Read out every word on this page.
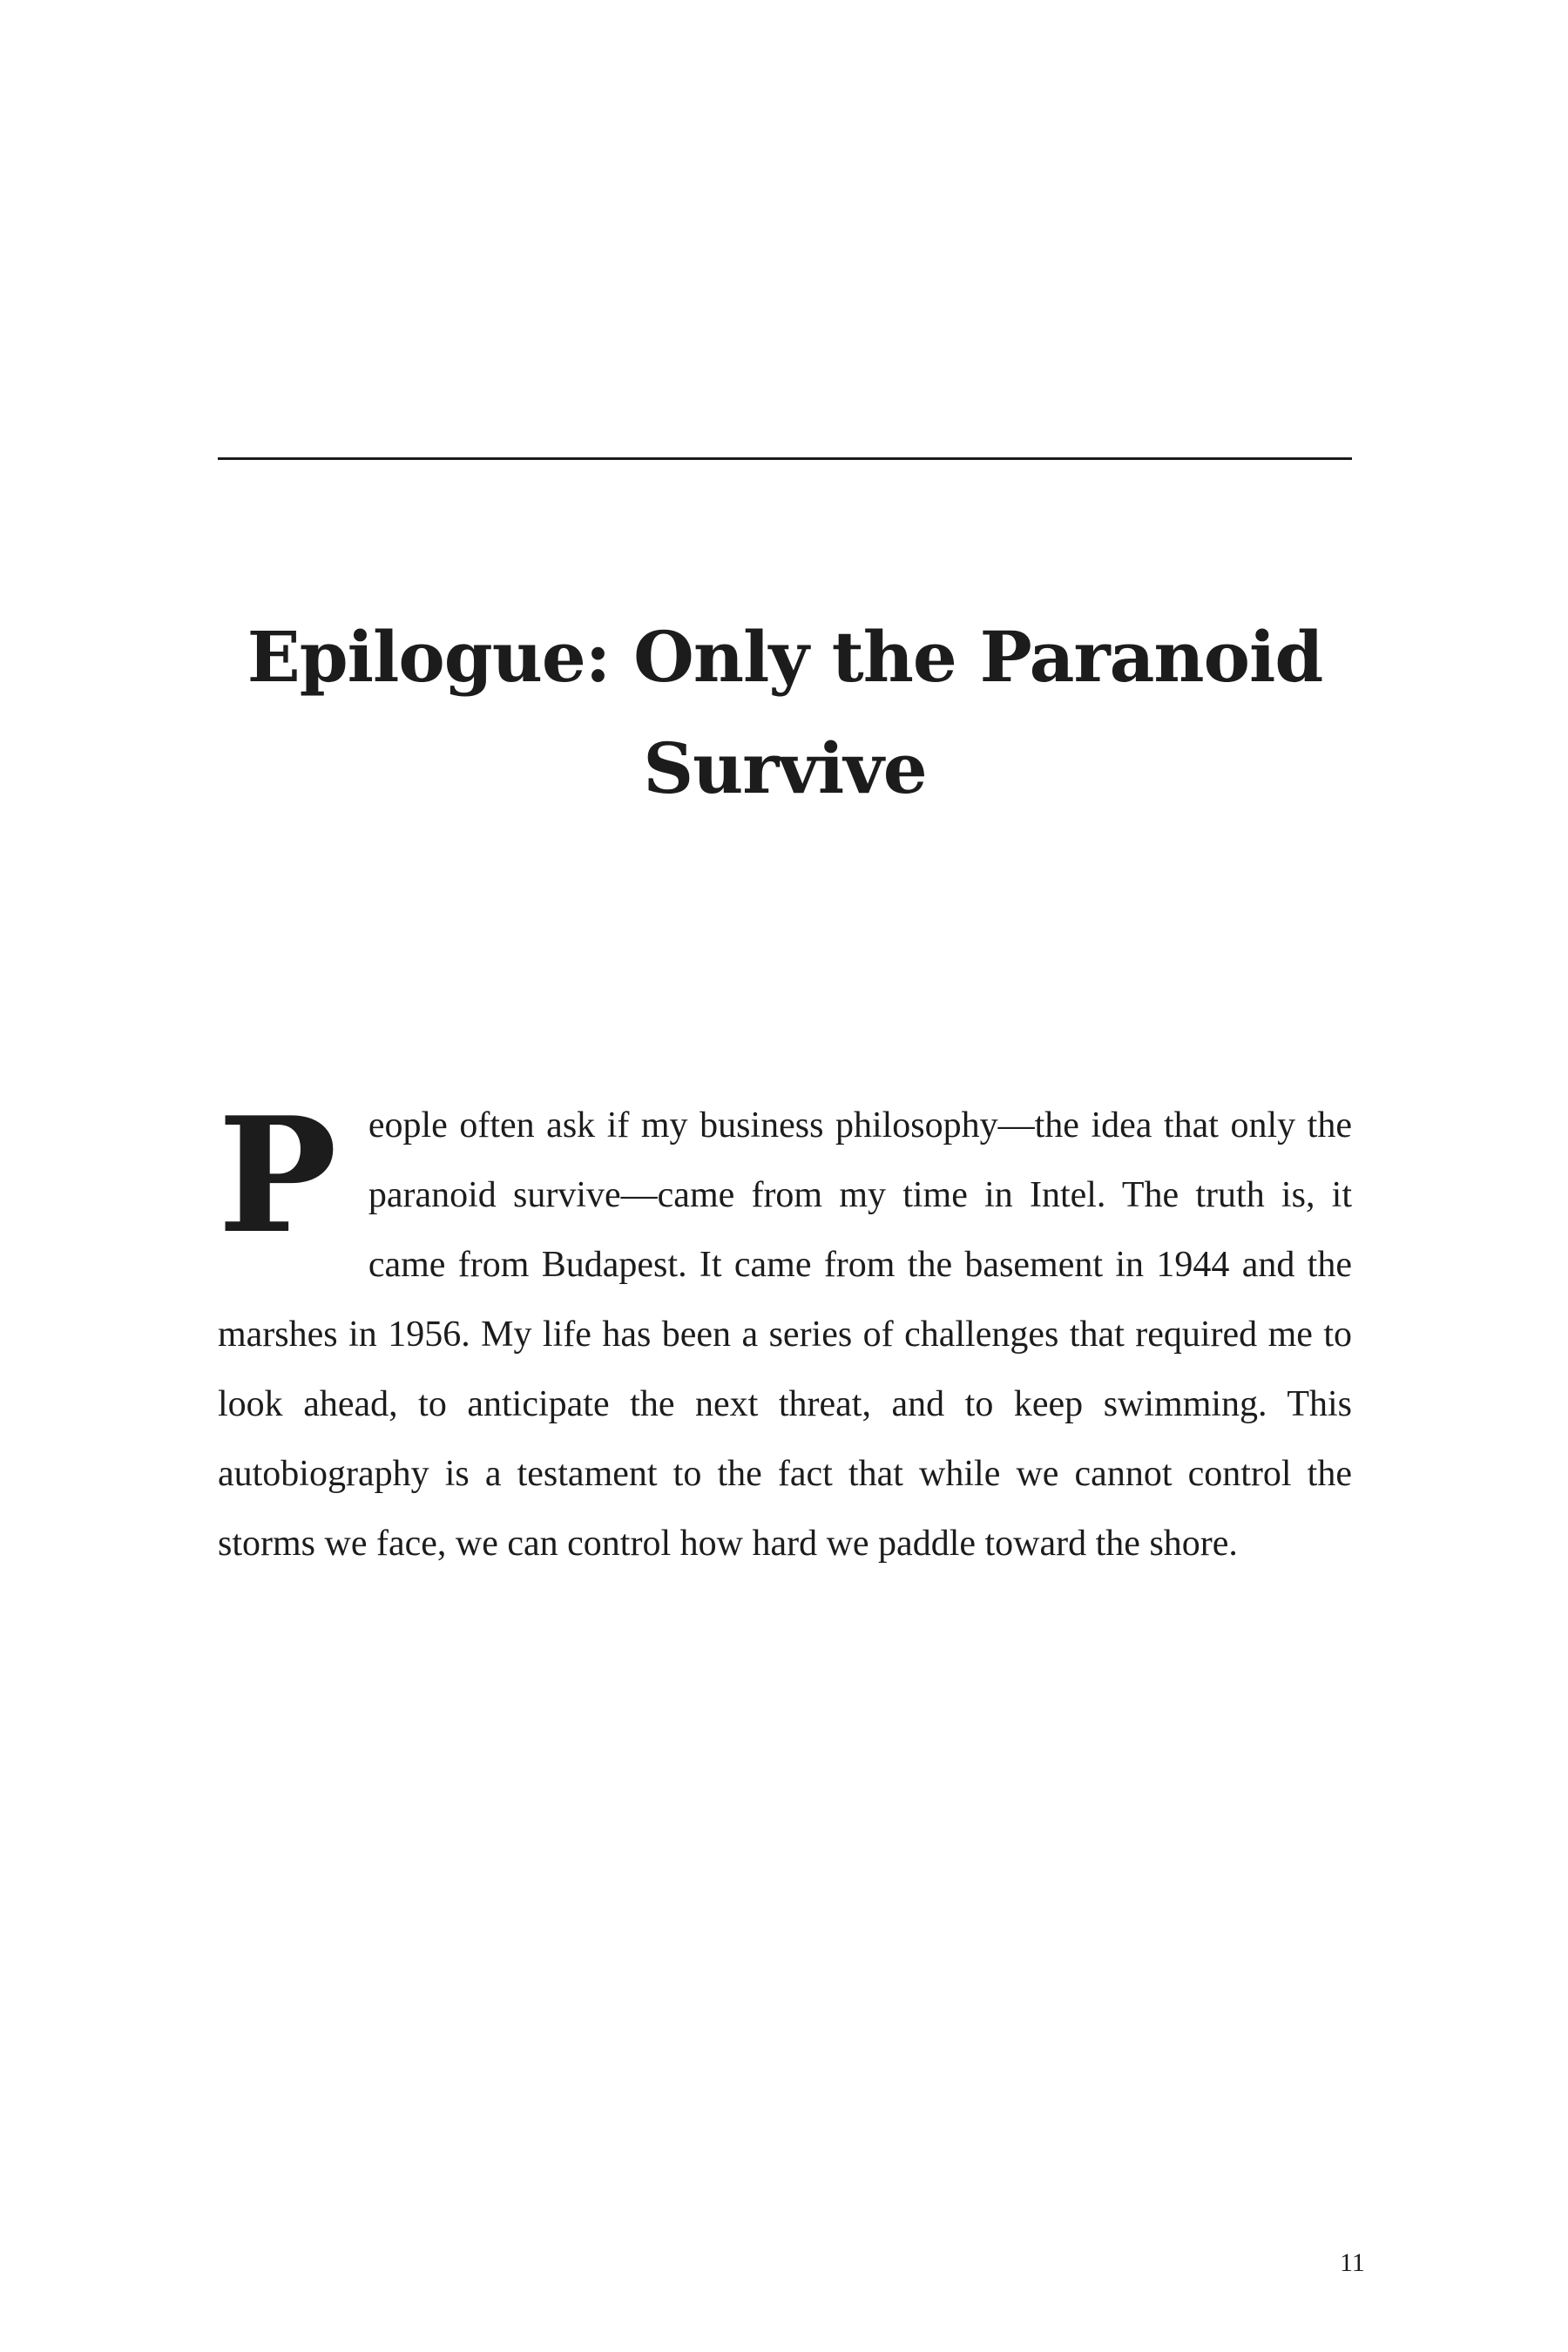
Epilogue: Only the Paranoid Survive

People often ask if my business philosophy—the idea that only the paranoid survive—came from my time in Intel. The truth is, it came from Budapest. It came from the basement in 1944 and the marshes in 1956. My life has been a series of challenges that required me to look ahead, to anticipate the next threat, and to keep swimming. This autobiography is a testament to the fact that while we cannot control the storms we face, we can control how hard we paddle toward the shore.

11
